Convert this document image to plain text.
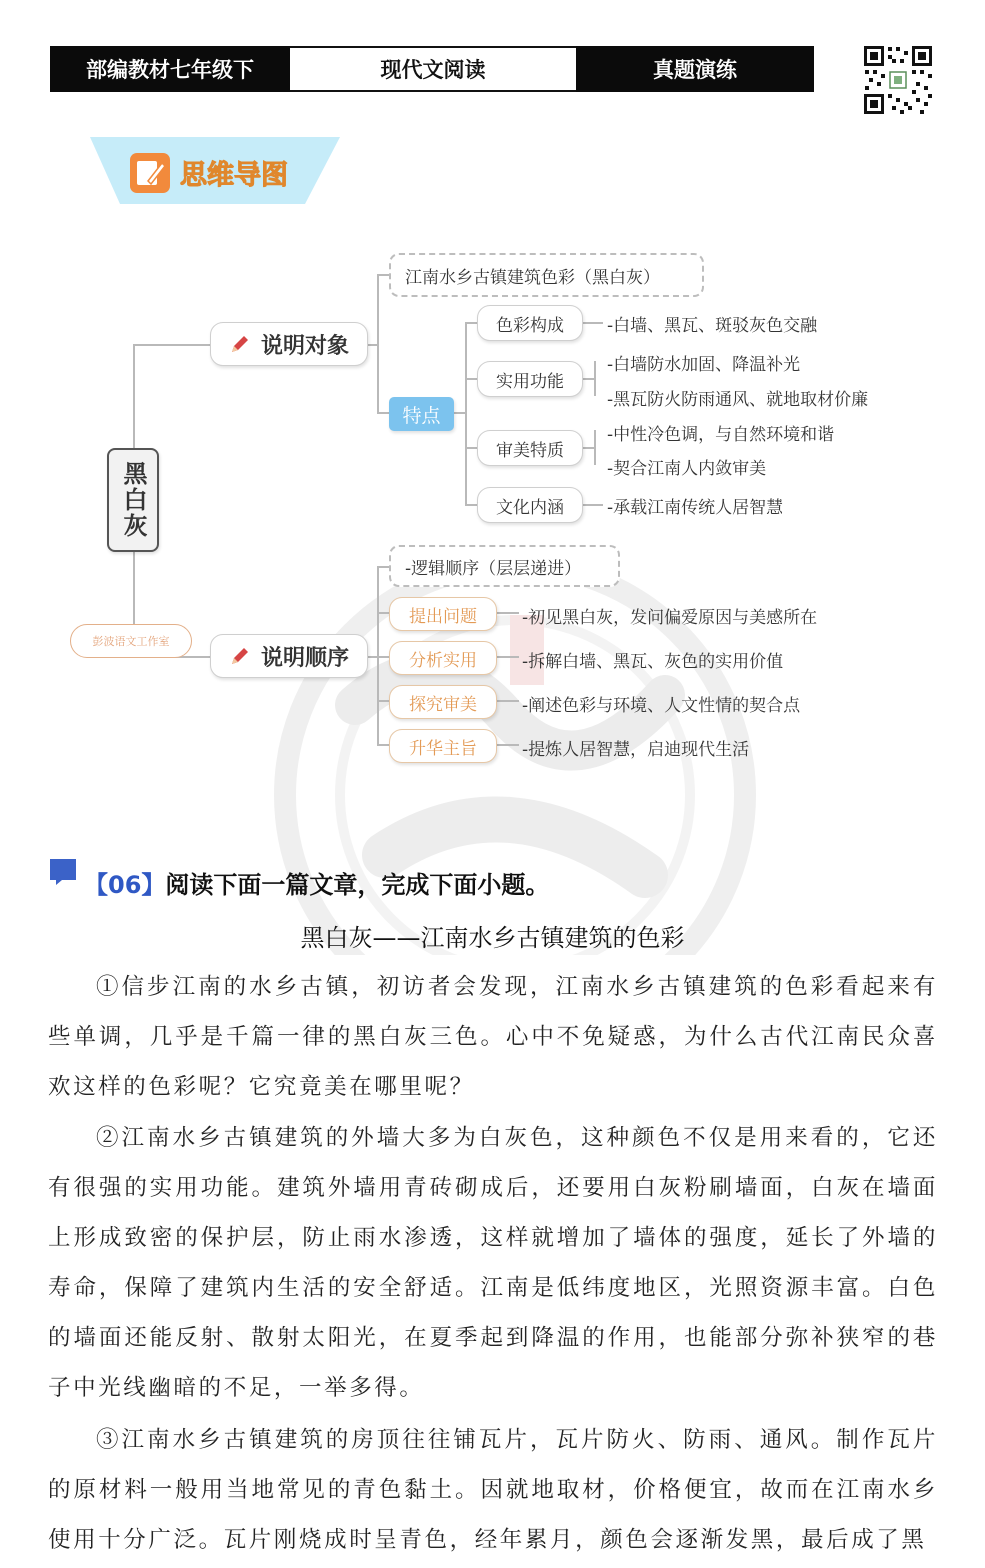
部编教材七年级下	现代文阅读	真题演练
思维导图
黑白灰
说明对象
江南水乡古镇建筑色彩（黑白灰）
特点
色彩构成
实用功能
审美特质
文化内涵
-白墙、黑瓦、斑驳灰色交融
-白墙防水加固、降温补光
-黑瓦防火防雨通风、就地取材价廉
-中性冷色调，与自然环境和谐
-契合江南人内敛审美
-承载江南传统人居智慧
彭波语文工作室
说明顺序
-逻辑顺序（层层递进）
提出问题
分析实用
探究审美
升华主旨
-初见黑白灰，发问偏爱原因与美感所在
-拆解白墙、黑瓦、灰色的实用价值
-阐述色彩与环境、人文性情的契合点
-提炼人居智慧，启迪现代生活
【06】阅读下面一篇文章，完成下面小题。
黑白灰——江南水乡古镇建筑的色彩
①信步江南的水乡古镇，初访者会发现，江南水乡古镇建筑的色彩看起来有些单调，几乎是千篇一律的黑白灰三色。心中不免疑惑，为什么古代江南民众喜欢这样的色彩呢？它究竟美在哪里呢？
②江南水乡古镇建筑的外墙大多为白灰色，这种颜色不仅是用来看的，它还有很强的实用功能。建筑外墙用青砖砌成后，还要用白灰粉刷墙面，白灰在墙面上形成致密的保护层，防止雨水渗透，这样就增加了墙体的强度，延长了外墙的寿命，保障了建筑内生活的安全舒适。江南是低纬度地区，光照资源丰富。白色的墙面还能反射、散射太阳光，在夏季起到降温的作用，也能部分弥补狭窄的巷子中光线幽暗的不足，一举多得。
③江南水乡古镇建筑的房顶往往铺瓦片，瓦片防火、防雨、通风。制作瓦片的原材料一般用当地常见的青色黏土。因就地取材，价格便宜，故而在江南水乡使用十分广泛。瓦片刚烧成时呈青色，经年累月，颜色会逐渐发黑，最后成了黑
